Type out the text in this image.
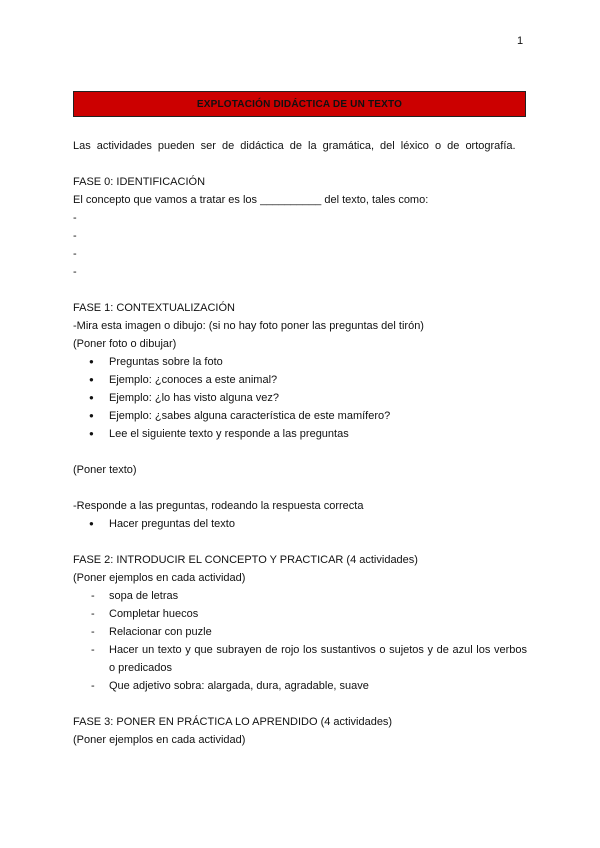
1
EXPLOTACIÓN DIDÁCTICA DE UN TEXTO
Las actividades pueden ser de didáctica de la gramática, del léxico o de ortografía.
FASE 0: IDENTIFICACIÓN
El concepto que vamos a tratar es los __________ del texto, tales como:
-
-
-
-
FASE 1: CONTEXTUALIZACIÓN
-Mira esta imagen o dibujo: (si no hay foto poner las preguntas del tirón)
(Poner foto o dibujar)
● Preguntas sobre la foto
● Ejemplo: ¿conoces a este animal?
● Ejemplo: ¿lo has visto alguna vez?
● Ejemplo: ¿sabes alguna característica de este mamífero?
● Lee el siguiente texto y responde a las preguntas
(Poner texto)
-Responde a las preguntas, rodeando la respuesta correcta
● Hacer preguntas del texto
FASE 2: INTRODUCIR EL CONCEPTO Y PRACTICAR (4 actividades)
(Poner ejemplos en cada actividad)
- sopa de letras
- Completar huecos
- Relacionar con puzle
- Hacer un texto y que subrayen de rojo los sustantivos o sujetos y de azul los verbos o predicados
- Que adjetivo sobra: alargada, dura, agradable, suave
FASE 3: PONER EN PRÁCTICA LO APRENDIDO (4 actividades)
(Poner ejemplos en cada actividad)
